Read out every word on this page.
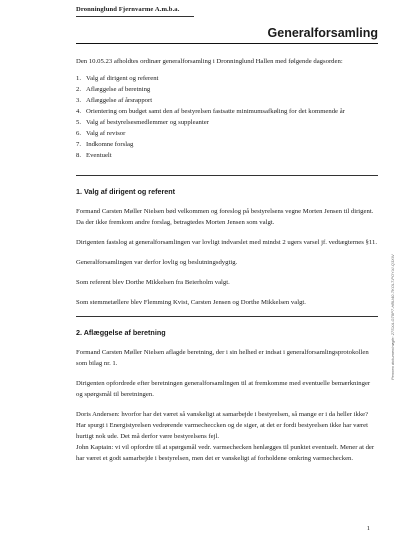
Dronninglund Fjernvarme A.m.b.a.
Generalforsamling

Den 10.05.23 afholdtes ordinær generalforsamling i Dronninglund Hallen med følgende dagsorden:

1. Valg af dirigent og referent
2. Aflæggelse af beretning
3. Aflæggelse af årsrapport
4. Orientering om budget samt den af bestyrelsen fastsatte minimumsafkøling for det kommende år
5. Valg af bestyrelsesmedlemmer og suppleanter
6. Valg af revisor
7. Indkomne forslag
8. Eventuelt

1. Valg af dirigent og referent

Formand Carsten Møller Nielsen bød velkommen og foreslog på bestyrelsens vegne Morten Jensen til dirigent. Da der ikke fremkom andre forslag, betragtedes Morten Jensen som valgt.

Dirigenten fastslog at generalforsamlingen var lovligt indvarslet med mindst 2 ugers varsel jf. vedtægternes §11.

Generalforsamlingen var derfor lovlig og beslutningsdygtig.

Som referent blev Dorthe Mikkelsen fra Beierholm valgt.

Som stemmetællere blev Flemming Kvist, Carsten Jensen og Dorthe Mikkelsen valgt.

2. Aflæggelse af beretning

Formand Carsten Møller Nielsen aflagde beretning, der i sin helhed er indsat i generalforsamlingsprotokollen som bilag nr. 1.

Dirigenten opfordrede efter beretningen generalforsamlingen til at fremkomme med eventuelle bemærkninger og spørgsmål til beretningen.

Doris Andersen: hvorfor har det været så vanskeligt at samarbejde i bestyrelsen, så mange er i da heller ikke? Har spurgt i Energistyrelsen vedrørende varmecheccken og de siger, at det er fordi bestyrelsen ikke har været hurtigt nok ude. Det må derfor være bestyrelsens fejl.

John Kaptain: vi vil opfordre til at spørgsmål vedr. varmechecken henlægges til punktet eventuelt. Mener at der har været et godt samarbejde i bestyrelsen, men det er vanskeligt af forholdene omkring varmechecken.

Penneo dokumentnøgle: 27SXA-GT8P7-HBU40-TKOLT-POYXI-Q3XIV
1
